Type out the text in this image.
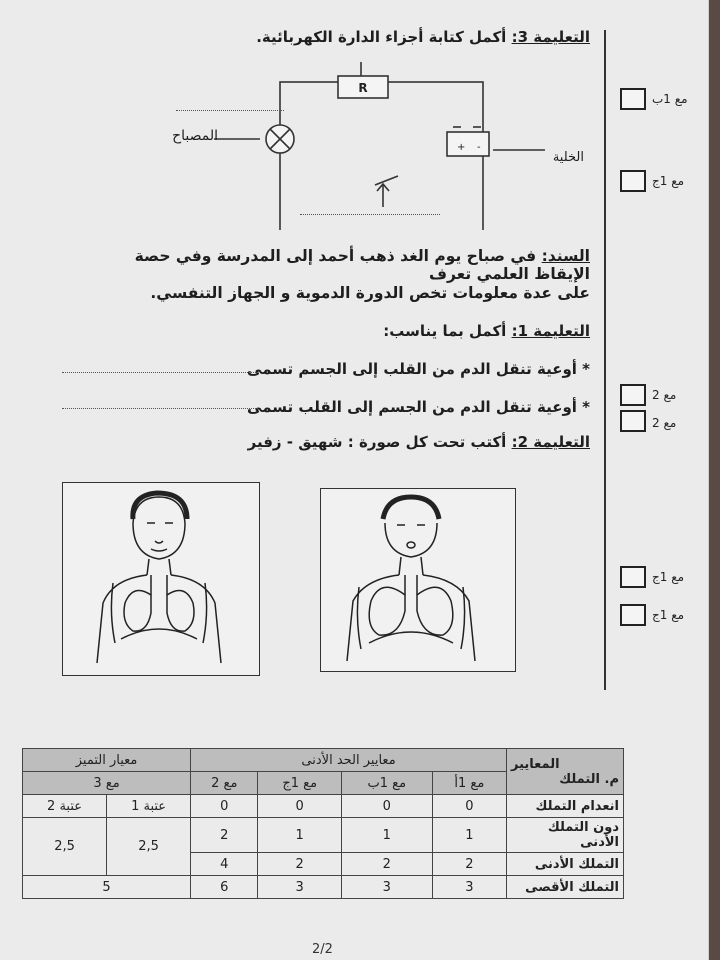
التعليمة 3: أكمل كتابة أجزاء الدارة الكهربائية.
R
+ -
المصباح
الخلية
السند: في صباح يوم الغد ذهب أحمد إلى المدرسة وفي حصة الإيقاظ العلمي تعرف
على عدة معلومات تخص الدورة الدموية و الجهاز التنفسي.
التعليمة 1: أكمل بما يناسب:
* أوعية تنقل الدم من القلب إلى الجسم تسمى
* أوعية تنقل الدم من الجسم إلى القلب تسمى
التعليمة 2: أكتب تحت كل صورة : شهيق - زفير
مع 1ب
مع 1ج
مع 2
مع 2
مع 1ج
مع 1ج
المعايير
م. التملك	معايير الحد الأدنى				معيار التميز	
	مع 1أ	مع 1ب	مع 1ج	مع 2	مع 3	
انعدام التملك	0	0	0	0	عتبة 1	عتبة 2
دون التملك الأدنى	1	1	1	2	2,5	2,5
التملك الأدنى	2	2	2	4		
التملك الأقصى	3	3	3	6	5	
2/2
